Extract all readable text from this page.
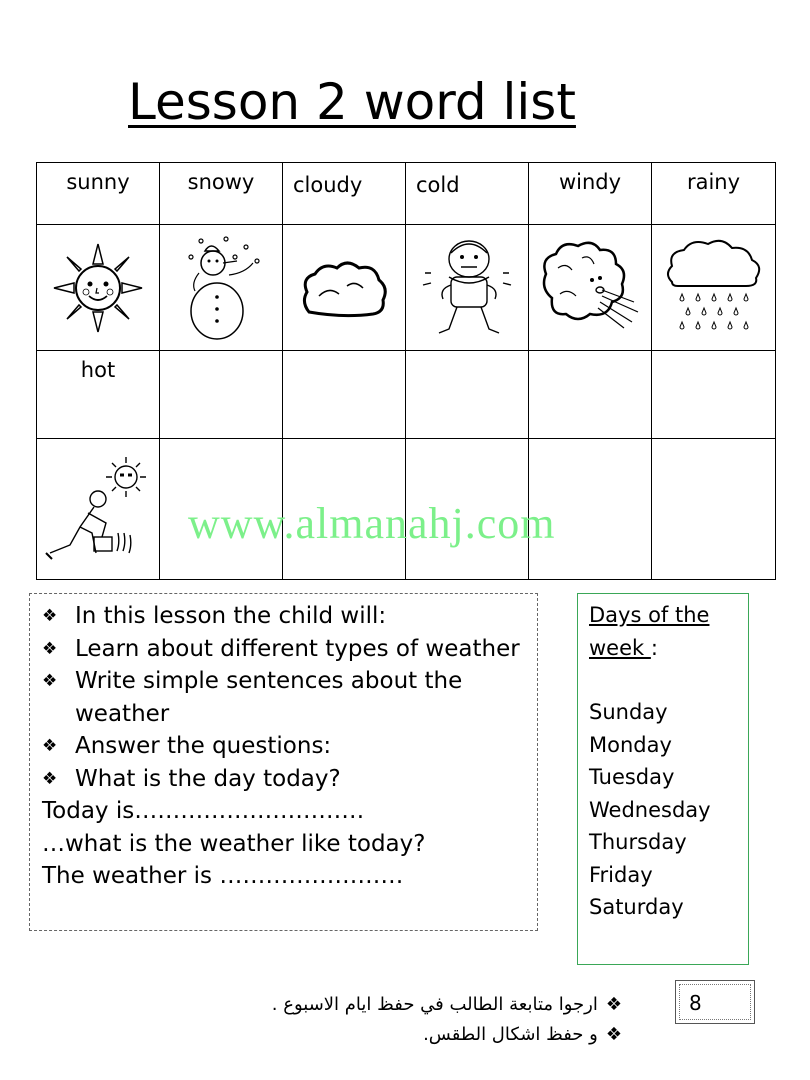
Lesson 2 word list
sunny	snowy	cloudy	cold	windy	rainy

hot					

www.almanahj.com
❖ In this lesson the child will:
❖ Learn about different types of weather
❖ Write simple sentences about the weather
❖ Answer the questions:
❖ What is the day today?
Today is…………………………
…what is the weather like today?
The weather is ……………………
Days of the
week :
Sunday
Monday
Tuesday
Wednesday
Thursday
Friday
Saturday
❖ارجوا متابعة الطالب في حفظ ايام الاسبوع .
❖و حفظ اشكال الطقس.
8
